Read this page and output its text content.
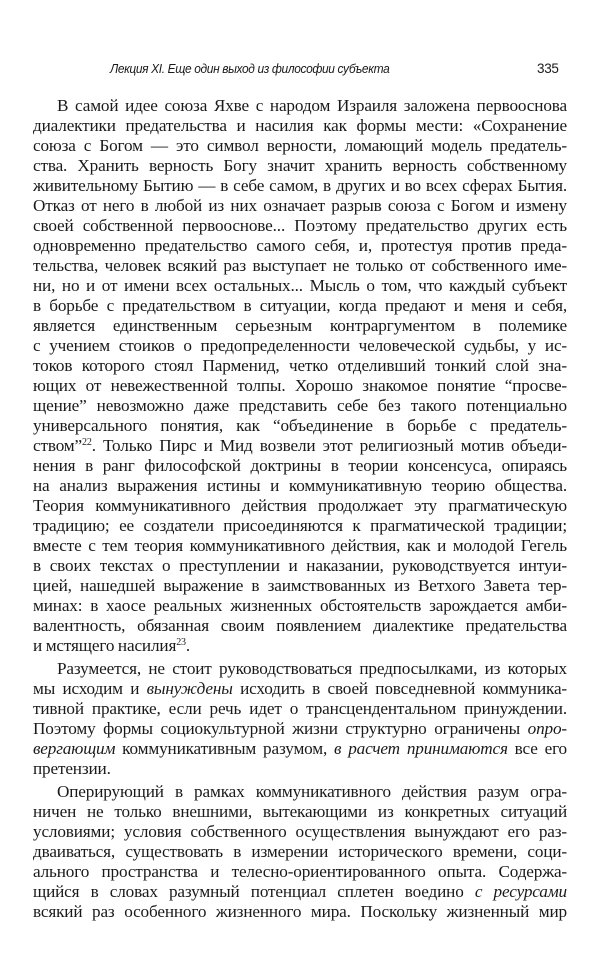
Лекция XI. Еще один выход из философии субъекта	335
В самой идее союза Яхве с народом Израиля заложена первооснова
диалектики предательства и насилия как формы мести: «Сохранение
союза с Богом — это символ верности, ломающий модель предатель-
ства. Хранить верность Богу значит хранить верность собственному
живительному Бытию — в себе самом, в других и во всех сферах Бытия.
Отказ от него в любой из них означает разрыв союза с Богом и измену
своей собственной первооснове... Поэтому предательство других есть
одновременно предательство самого себя, и, протестуя против преда-
тельства, человек всякий раз выступает не только от собственного име-
ни, но и от имени всех остальных... Мысль о том, что каждый субъект
в борьбе с предательством в ситуации, когда предают и меня и себя,
является единственным серьезным контраргументом в полемике
с учением стоиков о предопределенности человеческой судьбы, у ис-
токов которого стоял Парменид, четко отделивший тонкий слой зна-
ющих от невежественной толпы. Хорошо знакомое понятие “просве-
щение” невозможно даже представить себе без такого потенциально
универсального понятия, как “объединение в борьбе с предатель-
ством”$^{22}$. Только Пирс и Мид возвели этот религиозный мотив объеди-
нения в ранг философской доктрины в теории консенсуса, опираясь
на анализ выражения истины и коммуникативную теорию общества.
Теория коммуникативного действия продолжает эту прагматическую
традицию; ее создатели присоединяются к прагматической традиции;
вместе с тем теория коммуникативного действия, как и молодой Гегель
в своих текстах о преступлении и наказании, руководствуется интуи-
цией, нашедшей выражение в заимствованных из Ветхого Завета тер-
минах: в хаосе реальных жизненных обстоятельств зарождается амби-
валентность, обязанная своим появлением диалектике предательства
и мстящего насилия$^{23}$.
Разумеется, не стоит руководствоваться предпосылками, из которых
мы исходим и вынуждены исходить в своей повседневной коммуника-
тивной практике, если речь идет о трансцендентальном принуждении.
Поэтому формы социокультурной жизни структурно ограничены опро-
вергающим коммуникативным разумом, в расчет принимаются все его
претензии.
Оперирующий в рамках коммуникативного действия разум огра-
ничен не только внешними, вытекающими из конкретных ситуаций
условиями; условия собственного осуществления вынуждают его раз-
дваиваться, существовать в измерении исторического времени, соци-
ального пространства и телесно-ориентированного опыта. Содержа-
щийся в словах разумный потенциал сплетен воедино с ресурсами
всякий раз особенного жизненного мира. Поскольку жизненный мир
